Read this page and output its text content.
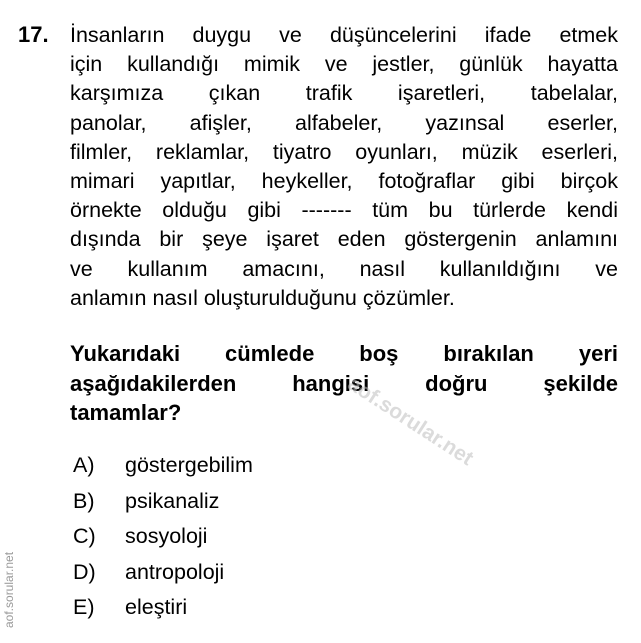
17. İnsanların duygu ve düşüncelerini ifade etmek
için kullandığı mimik ve jestler, günlük hayatta
karşımıza çıkan trafik işaretleri, tabelalar,
panolar, afişler, alfabeler, yazınsal eserler,
filmler, reklamlar, tiyatro oyunları, müzik eserleri,
mimari yapıtlar, heykeller, fotoğraflar gibi birçok
örnekte olduğu gibi ------- tüm bu türlerde kendi
dışında bir şeye işaret eden göstergenin anlamını
ve kullanım amacını, nasıl kullanıldığını ve
anlamın nasıl oluşturulduğunu çözümler.

Yukarıdaki cümlede boş bırakılan yeri
aşağıdakilerden hangisi doğru şekilde
tamamlar?

A)	göstergebilim
B)	psikanaliz
C)	sosyoloji
D)	antropoloji
E)	eleştiri
aof.sorular.net
aof.sorular.net
